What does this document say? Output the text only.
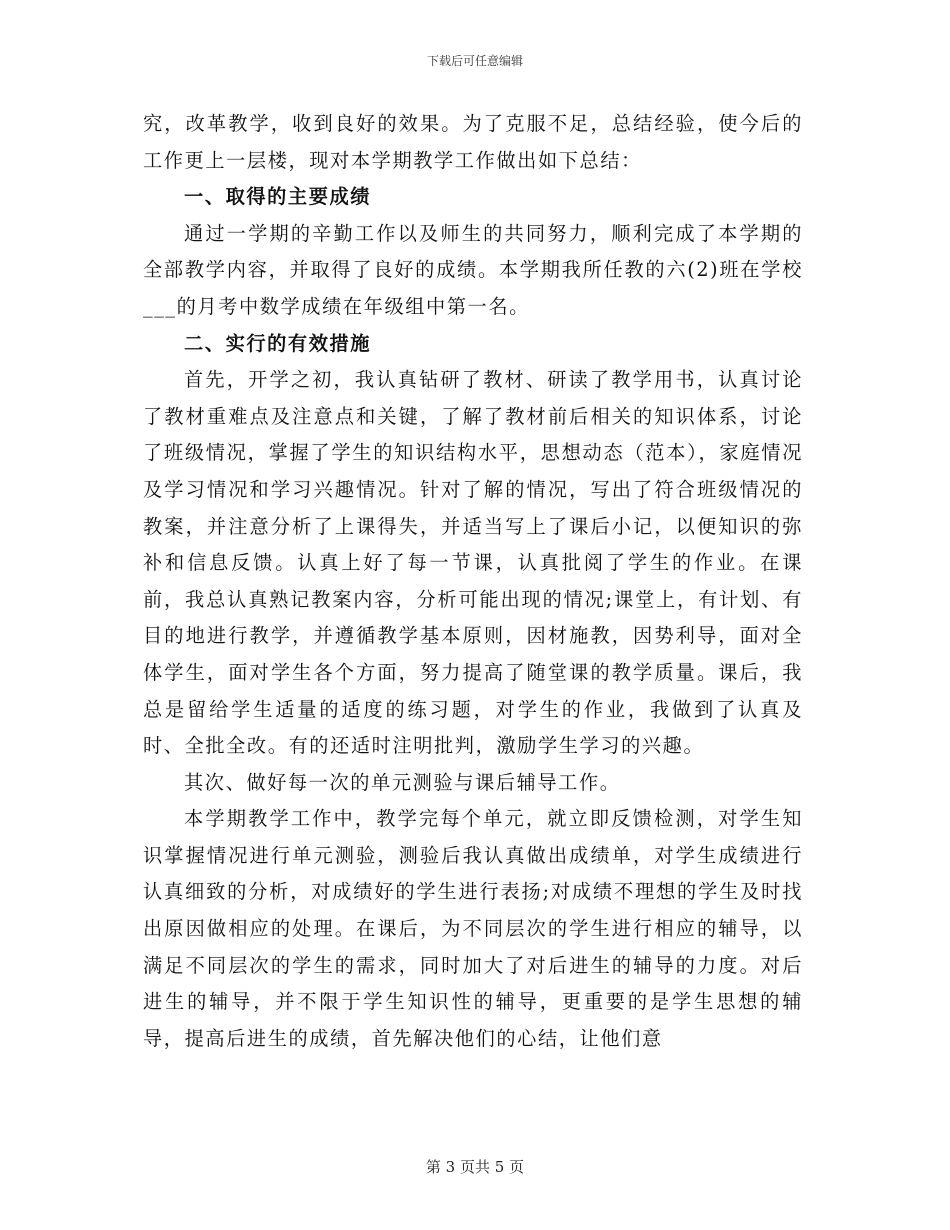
下载后可任意编辑

究，改革教学，收到良好的效果。为了克服不足，总结经验，使今后的工作更上一层楼，现对本学期教学工作做出如下总结：

一、取得的主要成绩

通过一学期的辛勤工作以及师生的共同努力，顺利完成了本学期的全部教学内容，并取得了良好的成绩。本学期我所任教的六(2)班在学校___的月考中数学成绩在年级组中第一名。

二、实行的有效措施

首先，开学之初，我认真钻研了教材、研读了教学用书，认真讨论了教材重难点及注意点和关键，了解了教材前后相关的知识体系，讨论了班级情况，掌握了学生的知识结构水平，思想动态（范本），家庭情况及学习情况和学习兴趣情况。针对了解的情况，写出了符合班级情况的教案，并注意分析了上课得失，并适当写上了课后小记，以便知识的弥补和信息反馈。认真上好了每一节课，认真批阅了学生的作业。在课前，我总认真熟记教案内容，分析可能出现的情况;课堂上，有计划、有目的地进行教学，并遵循教学基本原则，因材施教，因势利导，面对全体学生，面对学生各个方面，努力提高了随堂课的教学质量。课后，我总是留给学生适量的适度的练习题，对学生的作业，我做到了认真及时、全批全改。有的还适时注明批判，激励学生学习的兴趣。

其次、做好每一次的单元测验与课后辅导工作。

本学期教学工作中，教学完每个单元，就立即反馈检测，对学生知识掌握情况进行单元测验，测验后我认真做出成绩单，对学生成绩进行认真细致的分析，对成绩好的学生进行表扬;对成绩不理想的学生及时找出原因做相应的处理。在课后，为不同层次的学生进行相应的辅导，以满足不同层次的学生的需求，同时加大了对后进生的辅导的力度。对后进生的辅导，并不限于学生知识性的辅导，更重要的是学生思想的辅导，提高后进生的成绩，首先解决他们的心结，让他们意

第 3 页共 5 页
